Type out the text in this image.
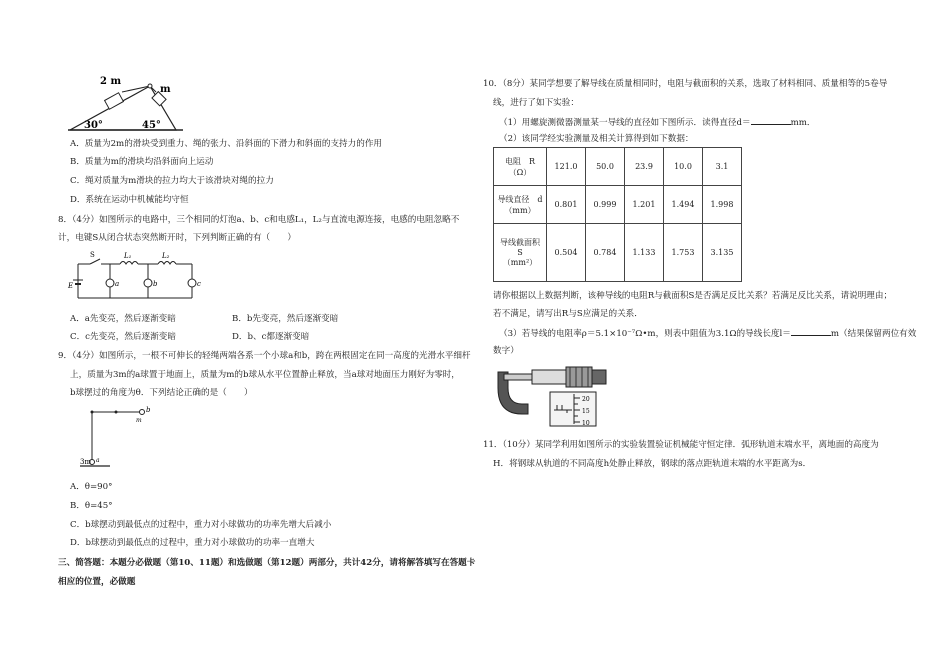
2 m
m
30°	45°
A．质量为2m的滑块受到重力、绳的张力、沿斜面的下滑力和斜面的支持力的作用
B．质量为m的滑块均沿斜面向上运动
C．绳对质量为m滑块的拉力均大于该滑块对绳的拉力
D．系统在运动中机械能均守恒
8．（4分）如图所示的电路中，三个相同的灯泡a、b、c和电感L₁，L₂与直流电源连接，电感的电阻忽略不
计，电键S从闭合状态突然断开时，下列判断正确的有（　　）
S	L₁	L₂
E	a	b	c
A．a先变亮，然后逐渐变暗	B．b先变亮，然后逐渐变暗
C．c先变亮，然后逐渐变暗	D．b、c都逐渐变暗
9．（4分）如图所示，一根不可伸长的轻绳两端各系一个小球a和b，跨在两根固定在同一高度的光滑水平细杆
上，质量为3m的a球置于地面上，质量为m的b球从水平位置静止释放，当a球对地面压力刚好为零时，
b球摆过的角度为θ．下列结论正确的是（　　）
b
m
3m a
A．θ=90°
B．θ=45°
C．b球摆动到最低点的过程中，重力对小球做功的功率先增大后减小
D．b球摆动到最低点的过程中，重力对小球做功的功率一直增大
三、简答题：本题分必做题（第10、11题）和选做题（第12题）两部分，共计42分，请将解答填写在答题卡
相应的位置，必做题
10．（8分）某同学想要了解导线在质量相同时，电阻与截面积的关系，选取了材料相同、质量相等的5卷导
线，进行了如下实验：
（1）用螺旋测微器测量某一导线的直径如下图所示．读得直径d＝	mm．
（2）该同学经实验测量及相关计算得到如下数据：
电阻　R
（Ω）	121.0	50.0	23.9	10.0	3.1

导线直径　d
（mm）	0.801	0.999	1.201	1.494	1.998

导线截面积
S
（mm²）	0.504	0.784	1.133	1.753	3.135
请你根据以上数据判断，该种导线的电阻R与截面积S是否满足反比关系？若满足反比关系，请说明理由；
若不满足，请写出R与S应满足的关系．
（3）若导线的电阻率ρ＝5.1×10⁻⁷Ω•m，则表中阻值为3.1Ω的导线长度l＝	m（结果保留两位有效
数字）
20
15
10
11．（10分）某同学利用如图所示的实验装置验证机械能守恒定律．弧形轨道末端水平，离地面的高度为
H．将钢球从轨道的不同高度h处静止释放，钢球的落点距轨道末端的水平距离为s．
